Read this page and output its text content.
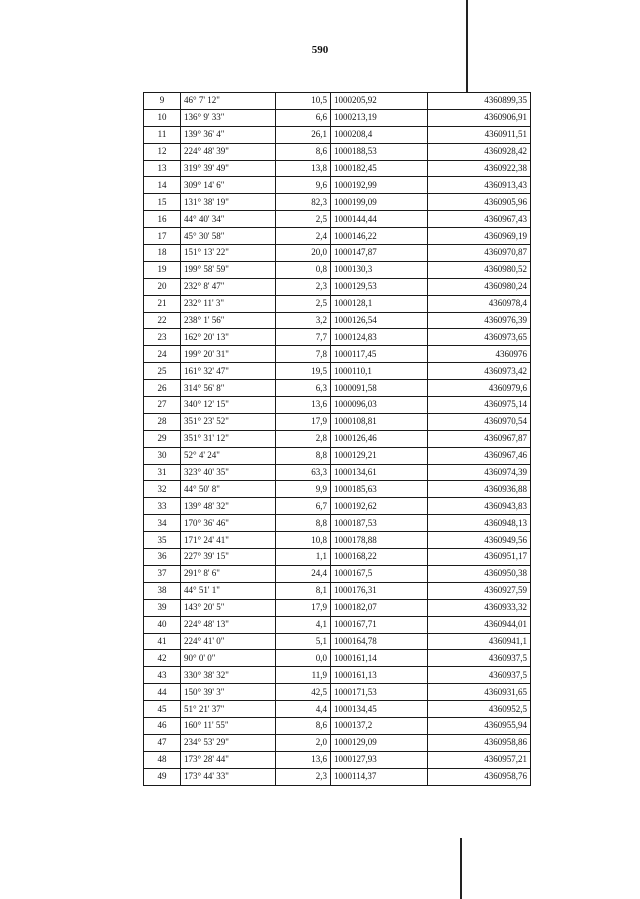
590
9	46° 7' 12"	10,5	1000205,92	4360899,35
10	136° 9' 33"	6,6	1000213,19	4360906,91
11	139° 36' 4"	26,1	1000208,4	4360911,51
12	224° 48' 39"	8,6	1000188,53	4360928,42
13	319° 39' 49"	13,8	1000182,45	4360922,38
14	309° 14' 6"	9,6	1000192,99	4360913,43
15	131° 38' 19"	82,3	1000199,09	4360905,96
16	44° 40' 34"	2,5	1000144,44	4360967,43
17	45° 30' 58"	2,4	1000146,22	4360969,19
18	151° 13' 22"	20,0	1000147,87	4360970,87
19	199° 58' 59"	0,8	1000130,3	4360980,52
20	232° 8' 47"	2,3	1000129,53	4360980,24
21	232° 11' 3"	2,5	1000128,1	4360978,4
22	238° 1' 56"	3,2	1000126,54	4360976,39
23	162° 20' 13"	7,7	1000124,83	4360973,65
24	199° 20' 31"	7,8	1000117,45	4360976
25	161° 32' 47"	19,5	1000110,1	4360973,42
26	314° 56' 8"	6,3	1000091,58	4360979,6
27	340° 12' 15"	13,6	1000096,03	4360975,14
28	351° 23' 52"	17,9	1000108,81	4360970,54
29	351° 31' 12"	2,8	1000126,46	4360967,87
30	52° 4' 24"	8,8	1000129,21	4360967,46
31	323° 40' 35"	63,3	1000134,61	4360974,39
32	44° 50' 8"	9,9	1000185,63	4360936,88
33	139° 48' 32"	6,7	1000192,62	4360943,83
34	170° 36' 46"	8,8	1000187,53	4360948,13
35	171° 24' 41"	10,8	1000178,88	4360949,56
36	227° 39' 15"	1,1	1000168,22	4360951,17
37	291° 8' 6"	24,4	1000167,5	4360950,38
38	44° 51' 1"	8,1	1000176,31	4360927,59
39	143° 20' 5"	17,9	1000182,07	4360933,32
40	224° 48' 13"	4,1	1000167,71	4360944,01
41	224° 41' 0"	5,1	1000164,78	4360941,1
42	90° 0' 0"	0,0	1000161,14	4360937,5
43	330° 38' 32"	11,9	1000161,13	4360937,5
44	150° 39' 3"	42,5	1000171,53	4360931,65
45	51° 21' 37"	4,4	1000134,45	4360952,5
46	160° 11' 55"	8,6	1000137,2	4360955,94
47	234° 53' 29"	2,0	1000129,09	4360958,86
48	173° 28' 44"	13,6	1000127,93	4360957,21
49	173° 44' 33"	2,3	1000114,37	4360958,76
